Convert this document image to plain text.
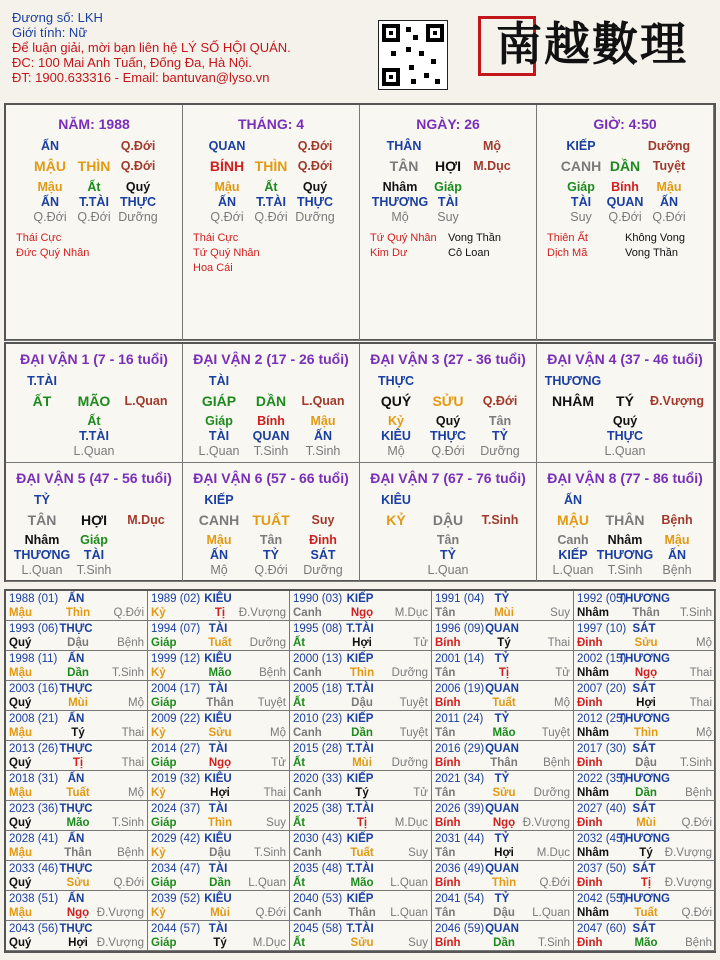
Đương số: LKH
Giới tính: Nữ
Để luận giải, mời bạn liên hệ LÝ SỐ HỘI QUÁN.
ĐC: 100 Mai Anh Tuấn, Đống Đa, Hà Nội.
ĐT: 1900.633316 - Email: bantuvan@lyso.vn
南越數理
NĂM: 1988
ẤN	Q.Đới
MẬU THÌN Q.Đới
Mậu Ất Quý
ẤN T.TÀI THỰC
Q.Đới Q.Đới Dưỡng
Thái Cực
Đức Quý Nhân
THÁNG: 4
QUAN	Q.Đới
BÍNH THÌN Q.Đới
Mậu Ất Quý
ẤN T.TÀI THỰC
Q.Đới Q.Đới Dưỡng
Thái Cực
Tứ Quý Nhân
Hoa Cái
NGÀY: 26
THÂN	Mộ
TÂN HỢI M.Dục
Nhâm Giáp
THƯƠNG TÀI
Mộ Suy
Tứ Quý Nhân Vong Thần
Kim Dư	Cô Loan
GIỜ: 4:50
KIẾP	Dưỡng
CANH DẦN Tuyệt
Giáp Bính Mậu
TÀI QUAN ẤN
Suy Q.Đới Q.Đới
Thiên Ất	Không Vong
Dịch Mã	Vong Thần
ĐẠI VẬN 1 (7 - 16 tuổi)
T.TÀI
ẤT MÃO L.Quan
Ất
T.TÀI
L.Quan
ĐẠI VẬN 2 (17 - 26 tuổi)
TÀI
GIÁP DẦN L.Quan
Giáp Bính Mậu
TÀI QUAN ẤN
L.Quan T.Sinh T.Sinh
ĐẠI VẬN 3 (27 - 36 tuổi)
THỰC
QUÝ SỬU Q.Đới
Kỷ	Quý Tân
KIÊU THỰC TỶ
Mộ Q.Đới Dưỡng
ĐẠI VẬN 4 (37 - 46 tuổi)
THƯƠNG
NHÂM TÝ Đ.Vượng
Quý
THỰC
L.Quan
ĐẠI VẬN 5 (47 - 56 tuổi)
TỶ
TÂN HỢI M.Dục
Nhâm Giáp
THƯƠNG TÀI
L.Quan T.Sinh
ĐẠI VẬN 6 (57 - 66 tuổi)
KIẾP
CANH TUẤT Suy
Mậu Tân Đinh
ẤN	TỶ	SÁT
Mộ Q.Đới Dưỡng
ĐẠI VẬN 7 (67 - 76 tuổi)
KIÊU
KỶ DẬU T.Sinh
Tân
TỶ
L.Quan
ĐẠI VẬN 8 (77 - 86 tuổi)
ẤN
MẬU THÂN Bệnh
Canh Nhâm Mậu
KIẾP THƯƠNG ẤN
L.Quan T.Sinh Bệnh
1988 (01) ẤN
Mậu	Thìn Q.Đới
1989 (02) KIÊU
Kỷ	Tị Đ.Vượng
1990 (03) KIẾP
Canh	Ngọ M.Dục
1991 (04) TỶ
Tân	Mùi	Suy
1992 (05)
THƯƠNG
Nhâm Thân T.Sinh
1993 (06) THỰC
Quý	Dậu Bệnh
1994 (07) TÀI
Giáp	Tuất Dưỡng
1995 (08) T.TÀI
Ất	Hợi	Tử
1996 (09) QUAN
Bính	Tý	Thai
1997 (10) SÁT
Đinh	Sửu	Mộ
1998 (11) ẤN
Mậu	Dần T.Sinh
1999 (12) KIÊU
Kỷ	Mão Bệnh
2000 (13) KIẾP
Canh Thìn Dưỡng
2001 (14) TỶ
Tân	Tị	Tử
2002 (15)
THƯƠNG
Nhâm Ngọ	Thai
2003 (16) THỰC
Quý	Mùi	Mộ
2004 (17) TÀI
Giáp	Thân Tuyệt
2005 (18) T.TÀI
Ất	Dậu Tuyệt
2006 (19) QUAN
Bính	Tuất	Mộ
2007 (20) SÁT
Đinh	Hợi	Thai
2008 (21) ẤN
Mậu	Tý	Thai
2009 (22) KIÊU
Kỷ	Sửu	Mộ
2010 (23) KIẾP
Canh	Dần Tuyệt
2011 (24) TỶ
Tân	Mão Tuyệt
2012 (25)
THƯƠNG
Nhâm Thìn	Mộ
2013 (26) THỰC
Quý	Tị	Thai
2014 (27) TÀI
Giáp	Ngọ	Tử
2015 (28) T.TÀI
Ất	Mùi Dưỡng
2016 (29) QUAN
Bính	Thân Bệnh
2017 (30) SÁT
Đinh	Dậu T.Sinh
2018 (31) ẤN
Mậu	Tuất	Mộ
2019 (32) KIÊU
Kỷ	Hợi	Thai
2020 (33) KIẾP
Canh	Tý	Tử
2021 (34) TỶ
Tân	Sửu Dưỡng
2022 (35)
THƯƠNG
Nhâm Dần Bệnh
2023 (36) THỰC
Quý	Mão T.Sinh
2024 (37) TÀI
Giáp	Thìn	Suy
2025 (38) T.TÀI
Ất	Tị M.Dục
2026 (39) QUAN
Bính	Ngọ Đ.Vượng
2027 (40) SÁT
Đinh	Mùi Q.Đới
2028 (41) ẤN
Mậu	Thân Bệnh
2029 (42) KIÊU
Kỷ	Dậu T.Sinh
2030 (43) KIẾP
Canh Tuất	Suy
2031 (44) TỶ
Tân	Hợi M.Dục
2032 (45)
THƯƠNG
Nhâm	Tý Đ.Vượng
2033 (46) THỰC
Quý	Sửu Q.Đới
2034 (47) TÀI
Giáp	Dần L.Quan
2035 (48) T.TÀI
Ất	Mão L.Quan
2036 (49) QUAN
Bính	Thìn Q.Đới
2037 (50) SÁT
Đinh	Tị Đ.Vượng
2038 (51) ẤN
Mậu	Ngọ Đ.Vượng
2039 (52) KIÊU
Kỷ	Mùi Q.Đới
2040 (53) KIẾP
Canh Thân L.Quan
2041 (54) TỶ
Tân	Dậu L.Quan
2042 (55)
THƯƠNG
Nhâm Tuất Q.Đới
2043 (56) THỰC
Quý	Hợi Đ.Vượng
2044 (57) TÀI
Giáp	Tý M.Dục
2045 (58) T.TÀI
Ất	Sửu	Suy
2046 (59) QUAN
Bính	Dần T.Sinh
2047 (60) SÁT
Đinh	Mão Bệnh
